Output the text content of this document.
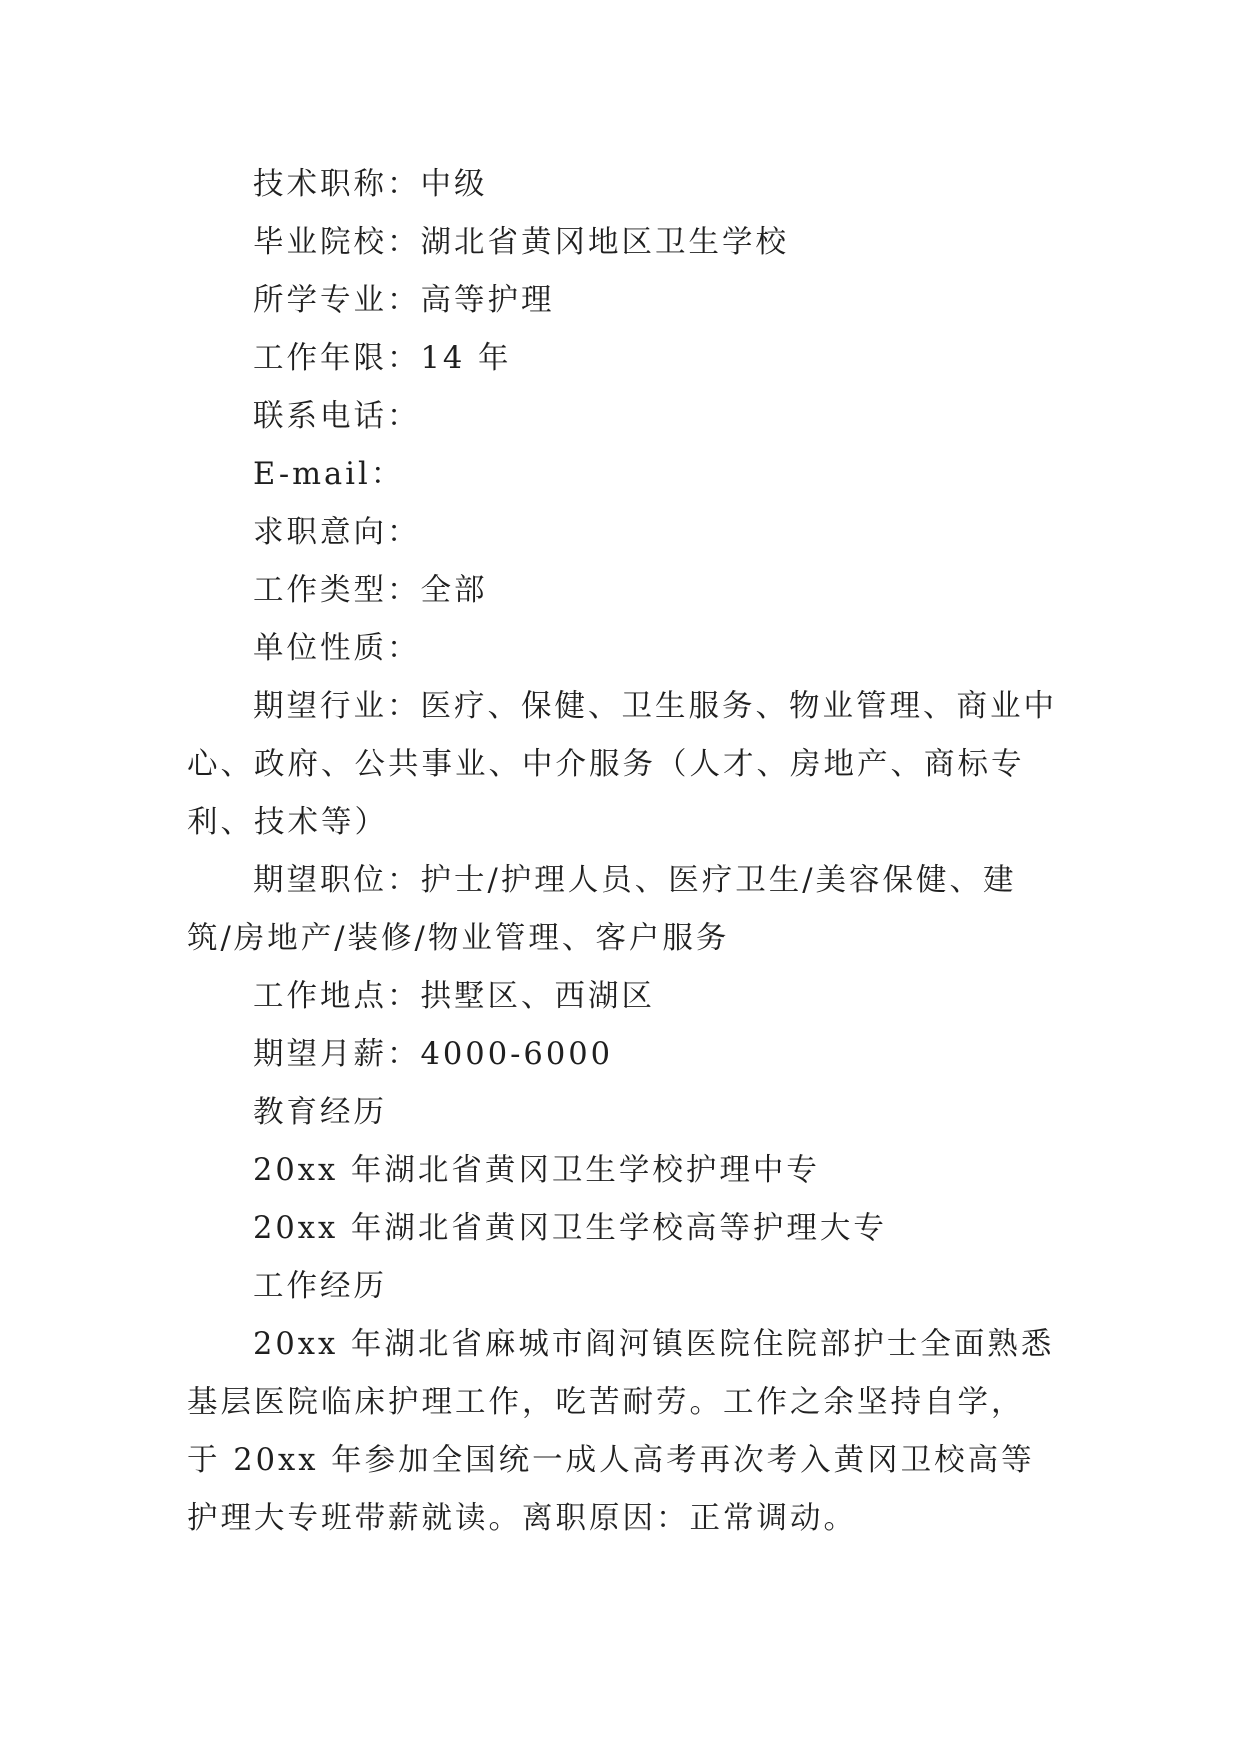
技术职称：中级

毕业院校：湖北省黄冈地区卫生学校

所学专业：高等护理

工作年限：14 年

联系电话：

E-mail：

求职意向：

工作类型：全部

单位性质：

期望行业：医疗、保健、卫生服务、物业管理、商业中心、政府、公共事业、中介服务（人才、房地产、商标专利、技术等）

期望职位：护士/护理人员、医疗卫生/美容保健、建筑/房地产/装修/物业管理、客户服务

工作地点：拱墅区、西湖区

期望月薪：4000-6000

教育经历

20xx 年湖北省黄冈卫生学校护理中专

20xx 年湖北省黄冈卫生学校高等护理大专

工作经历

20xx 年湖北省麻城市阎河镇医院住院部护士全面熟悉基层医院临床护理工作，吃苦耐劳。工作之余坚持自学，于 20xx 年参加全国统一成人高考再次考入黄冈卫校高等护理大专班带薪就读。离职原因：正常调动。
